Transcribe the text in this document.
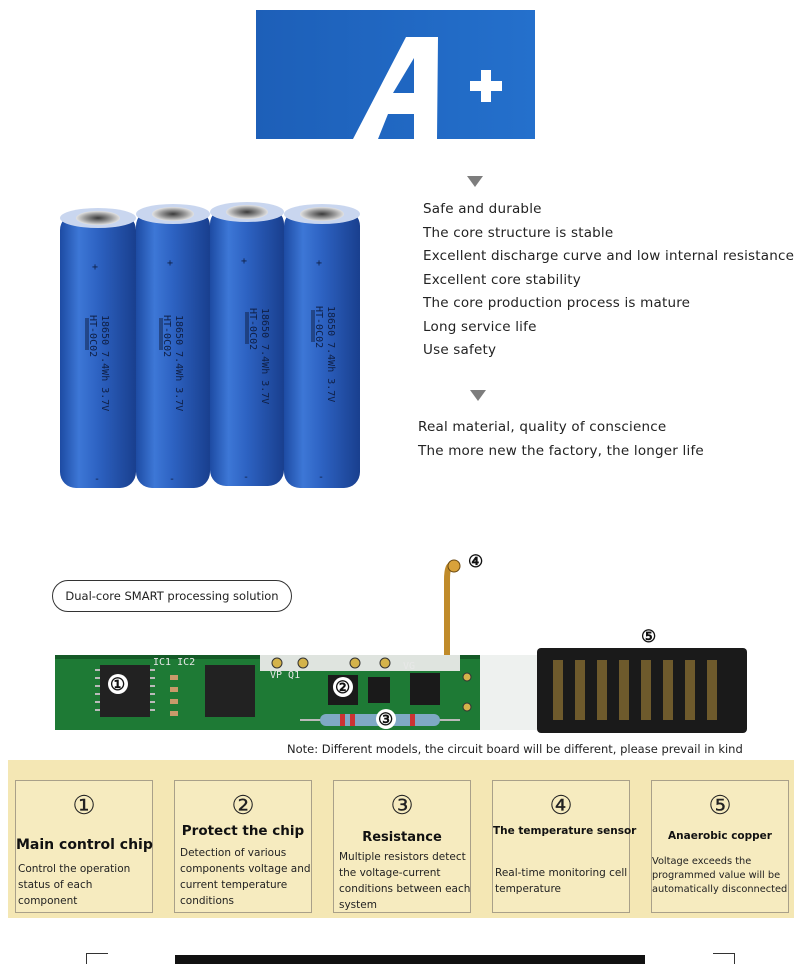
+	+	+	+
-	-	-	-
18650 7.4Wh 3.7V
HT-0C02	18650 7.4Wh 3.7V
HT-0C02	18650 7.4Wh 3.7V
HT-0C02	18650 7.4Wh 3.7V
HT-0C02
Safe and durable
The core structure is stable
Excellent discharge curve and low internal resistance
Excellent core stability
The core production process is mature
Long service life
Use safety
Real material, quality of conscience
The more new the factory, the longer life
IC1 IC2
VP Q1
VG
①	②
③
④
⑤
Dual-core SMART processing solution
Note: Different models, the circuit board will be different, please prevail in kind
①
Main control chip
Control the operation status of each component
②
Protect the chip
Detection of various components voltage and current temperature conditions
③
Resistance
Multiple resistors detect the voltage-current conditions between each system
④
The temperature sensor
Real-time monitoring cell temperature
⑤
Anaerobic copper
Voltage exceeds the programmed value will be automatically disconnected
